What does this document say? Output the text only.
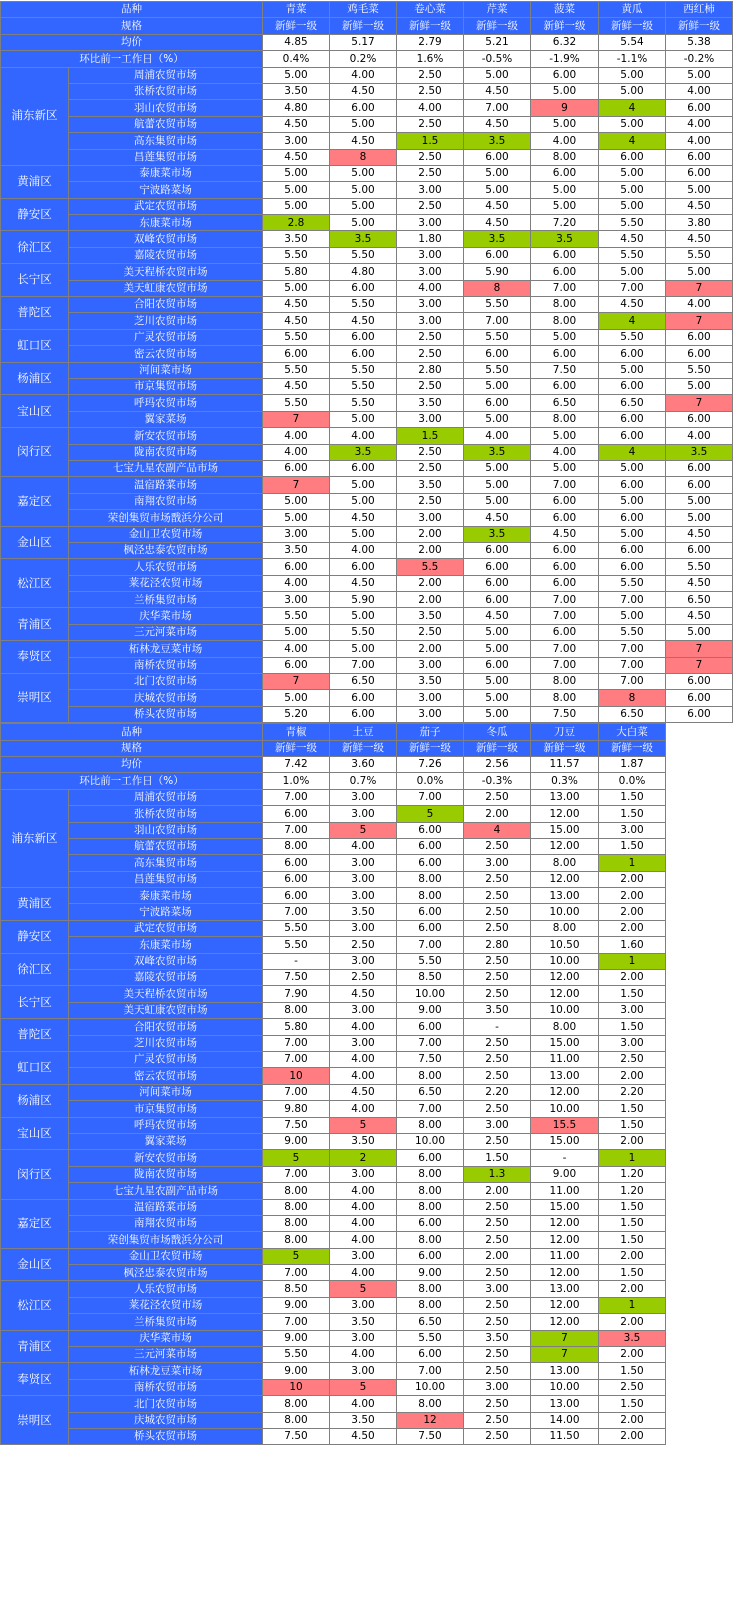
品种		青菜	鸡毛菜	卷心菜	芹菜	菠菜	黄瓜	西红柿
规格		新鲜一级	新鲜一级	新鲜一级	新鲜一级	新鲜一级	新鲜一级	新鲜一级
均价		4.85	5.17	2.79	5.21	6.32	5.54	5.38
环比前一工作日（%）		0.4%	0.2%	1.6%	-0.5%	-1.9%	-1.1%	-0.2%
浦东新区	周浦农贸市场	5.00	4.00	2.50	5.00	6.00	5.00	5.00
	张桥农贸市场	3.50	4.50	2.50	4.50	5.00	5.00	4.00
	羽山农贸市场	4.80	6.00	4.00	7.00	9	4	6.00
	航蕾农贸市场	4.50	5.00	2.50	4.50	5.00	5.00	4.00
	高东集贸市场	3.00	4.50	1.5	3.5	4.00	4	4.00
	昌莲集贸市场	4.50	8	2.50	6.00	8.00	6.00	6.00
黄浦区	泰康菜市场	5.00	5.00	2.50	5.00	6.00	5.00	6.00
	宁波路菜场	5.00	5.00	3.00	5.00	5.00	5.00	5.00
静安区	武定农贸市场	5.00	5.00	2.50	4.50	5.00	5.00	4.50
	东康菜市场	2.8	5.00	3.00	4.50	7.20	5.50	3.80
徐汇区	双峰农贸市场	3.50	3.5	1.80	3.5	3.5	4.50	4.50
	嘉陵农贸市场	5.50	5.50	3.00	6.00	6.00	5.50	5.50
长宁区	美天程桥农贸市场	5.80	4.80	3.00	5.90	6.00	5.00	5.00
	美天虹康农贸市场	5.00	6.00	4.00	8	7.00	7.00	7
普陀区	合阳农贸市场	4.50	5.50	3.00	5.50	8.00	4.50	4.00
	芝川农贸市场	4.50	4.50	3.00	7.00	8.00	4	7
虹口区	广灵农贸市场	5.50	6.00	2.50	5.50	5.00	5.50	6.00
	密云农贸市场	6.00	6.00	2.50	6.00	6.00	6.00	6.00
杨浦区	河间菜市场	5.50	5.50	2.80	5.50	7.50	5.00	5.50
	市京集贸市场	4.50	5.50	2.50	5.00	6.00	6.00	5.00
宝山区	呼玛农贸市场	5.50	5.50	3.50	6.00	6.50	6.50	7
	翼家菜场	7	5.00	3.00	5.00	8.00	6.00	6.00
闵行区	新安农贸市场	4.00	4.00	1.5	4.00	5.00	6.00	4.00
	陇南农贸市场	4.00	3.5	2.50	3.5	4.00	4	3.5
	七宝九星农副产品市场	6.00	6.00	2.50	5.00	5.00	5.00	6.00
嘉定区	温宿路菜市场	7	5.00	3.50	5.00	7.00	6.00	6.00
	南翔农贸市场	5.00	5.00	2.50	5.00	6.00	5.00	5.00
	荣创集贸市场戬浜分公司	5.00	4.50	3.00	4.50	6.00	6.00	5.00
金山区	金山卫农贸市场	3.00	5.00	2.00	3.5	4.50	5.00	4.50
	枫泾忠泰农贸市场	3.50	4.00	2.00	6.00	6.00	6.00	6.00
松江区	人乐农贸市场	6.00	6.00	5.5	6.00	6.00	6.00	5.50
	莱花泾农贸市场	4.00	4.50	2.00	6.00	6.00	5.50	4.50
	兰桥集贸市场	3.00	5.90	2.00	6.00	7.00	7.00	6.50
青浦区	庆华菜市场	5.50	5.00	3.50	4.50	7.00	5.00	4.50
	三元河菜市场	5.00	5.50	2.50	5.00	6.00	5.50	5.00
奉贤区	柘林龙豆菜市场	4.00	5.00	2.00	5.00	7.00	7.00	7
	南桥农贸市场	6.00	7.00	3.00	6.00	7.00	7.00	7
崇明区	北门农贸市场	7	6.50	3.50	5.00	8.00	7.00	6.00
	庆城农贸市场	5.00	6.00	3.00	5.00	8.00	8	6.00
	桥头农贸市场	5.20	6.00	3.00	5.00	7.50	6.50	6.00
品种		青椒	土豆	茄子	冬瓜	刀豆	大白菜	
规格		新鲜一级	新鲜一级	新鲜一级	新鲜一级	新鲜一级	新鲜一级	
均价		7.42	3.60	7.26	2.56	11.57	1.87	
环比前一工作日（%）		1.0%	0.7%	0.0%	-0.3%	0.3%	0.0%	
浦东新区	周浦农贸市场	7.00	3.00	7.00	2.50	13.00	1.50	
	张桥农贸市场	6.00	3.00	5	2.00	12.00	1.50	
	羽山农贸市场	7.00	5	6.00	4	15.00	3.00	
	航蕾农贸市场	8.00	4.00	6.00	2.50	12.00	1.50	
	高东集贸市场	6.00	3.00	6.00	3.00	8.00	1	
	昌莲集贸市场	6.00	3.00	8.00	2.50	12.00	2.00	
黄浦区	泰康菜市场	6.00	3.00	8.00	2.50	13.00	2.00	
	宁波路菜场	7.00	3.50	6.00	2.50	10.00	2.00	
静安区	武定农贸市场	5.50	3.00	6.00	2.50	8.00	2.00	
	东康菜市场	5.50	2.50	7.00	2.80	10.50	1.60	
徐汇区	双峰农贸市场	-	3.00	5.50	2.50	10.00	1	
	嘉陵农贸市场	7.50	2.50	8.50	2.50	12.00	2.00	
长宁区	美天程桥农贸市场	7.90	4.50	10.00	2.50	12.00	1.50	
	美天虹康农贸市场	8.00	3.00	9.00	3.50	10.00	3.00	
普陀区	合阳农贸市场	5.80	4.00	6.00	-	8.00	1.50	
	芝川农贸市场	7.00	3.00	7.00	2.50	15.00	3.00	
虹口区	广灵农贸市场	7.00	4.00	7.50	2.50	11.00	2.50	
	密云农贸市场	10	4.00	8.00	2.50	13.00	2.00	
杨浦区	河间菜市场	7.00	4.50	6.50	2.20	12.00	2.20	
	市京集贸市场	9.80	4.00	7.00	2.50	10.00	1.50	
宝山区	呼玛农贸市场	7.50	5	8.00	3.00	15.5	1.50	
	翼家菜场	9.00	3.50	10.00	2.50	15.00	2.00	
闵行区	新安农贸市场	5	2	6.00	1.50	-	1	
	陇南农贸市场	7.00	3.00	8.00	1.3	9.00	1.20	
	七宝九星农副产品市场	8.00	4.00	8.00	2.00	11.00	1.20	
嘉定区	温宿路菜市场	8.00	4.00	8.00	2.50	15.00	1.50	
	南翔农贸市场	8.00	4.00	6.00	2.50	12.00	1.50	
	荣创集贸市场戬浜分公司	8.00	4.00	8.00	2.50	12.00	1.50	
金山区	金山卫农贸市场	5	3.00	6.00	2.00	11.00	2.00	
	枫泾忠泰农贸市场	7.00	4.00	9.00	2.50	12.00	1.50	
松江区	人乐农贸市场	8.50	5	8.00	3.00	13.00	2.00	
	莱花泾农贸市场	9.00	3.00	8.00	2.50	12.00	1	
	兰桥集贸市场	7.00	3.50	6.50	2.50	12.00	2.00	
青浦区	庆华菜市场	9.00	3.00	5.50	3.50	7	3.5	
	三元河菜市场	5.50	4.00	6.00	2.50	7	2.00	
奉贤区	柘林龙豆菜市场	9.00	3.00	7.00	2.50	13.00	1.50	
	南桥农贸市场	10	5	10.00	3.00	10.00	2.50	
崇明区	北门农贸市场	8.00	4.00	8.00	2.50	13.00	1.50	
	庆城农贸市场	8.00	3.50	12	2.50	14.00	2.00	
	桥头农贸市场	7.50	4.50	7.50	2.50	11.50	2.00	
